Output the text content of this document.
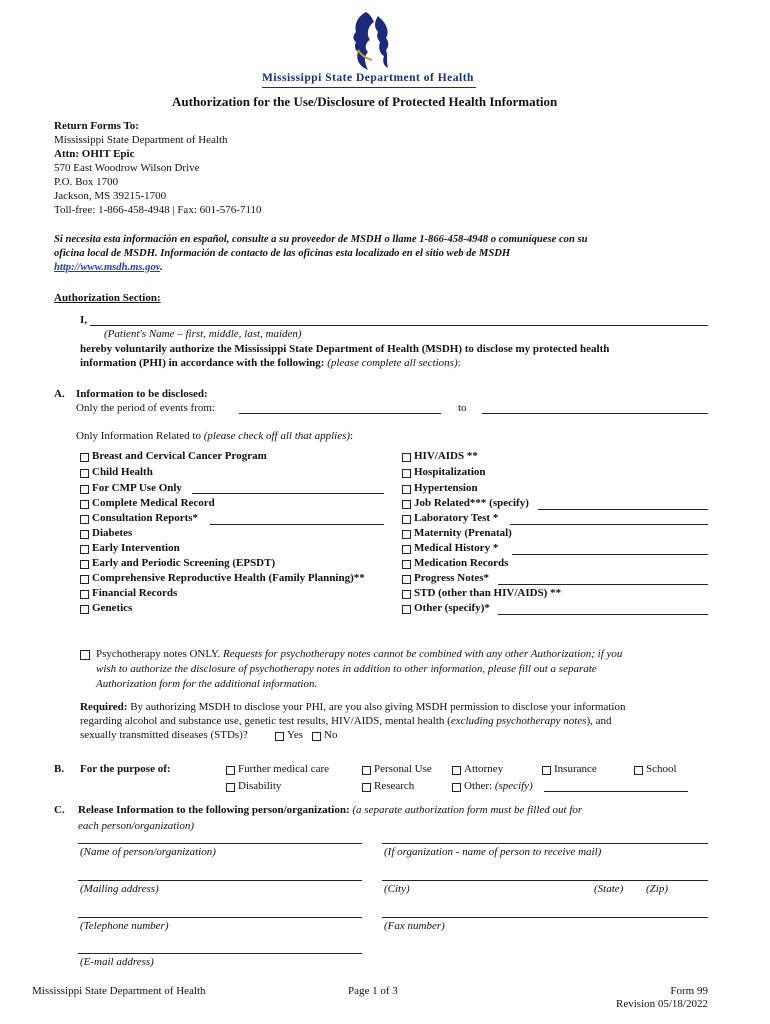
Mississippi State Department of Health
Authorization for the Use/Disclosure of Protected Health Information
Return Forms To:
Mississippi State Department of Health
Attn: OHIT Epic
570 East Woodrow Wilson Drive
P.O. Box 1700
Jackson, MS 39215-1700
Toll-free: 1-866-458-4948 | Fax: 601-576-7110
Si necesita esta información en español, consulte a su proveedor de MSDH o llame 1-866-458-4948 o comuníquese con su
oficina local de MSDH. Información de contacto de las oficinas esta localizado en el sitio web de MSDH
http://www.msdh.ms.gov.
Authorization Section:
I,
(Patient's Name – first, middle, last, maiden)
hereby voluntarily authorize the Mississippi State Department of Health (MSDH) to disclose my protected health
information (PHI) in accordance with the following: (please complete all sections):
A. Information to be disclosed:
Only the period of events from:	to
Only Information Related to (please check off all that applies):
Breast and Cervical Cancer Program
Child Health
For CMP Use Only
Complete Medical Record
Consultation Reports*
Diabetes
Early Intervention
Early and Periodic Screening (EPSDT)
Comprehensive Reproductive Health (Family Planning)**
Financial Records
Genetics
HIV/AIDS **
Hospitalization
Hypertension
Job Related*** (specify)
Laboratory Test *
Maternity (Prenatal)
Medical History *
Medication Records
Progress Notes*
STD (other than HIV/AIDS) **
Other (specify)*
Psychotherapy notes ONLY. Requests for psychotherapy notes cannot be combined with any other Authorization; if you
wish to authorize the disclosure of psychotherapy notes in addition to other information, please fill out a separate
Authorization form for the additional information.
Required: By authorizing MSDH to disclose your PHI, are you also giving MSDH permission to disclose your information
regarding alcohol and substance use, genetic test results, HIV/AIDS, mental health (excluding psychotherapy notes), and
sexually transmitted diseases (STDs)?	Yes No
B. For the purpose of:	Further medical care	Personal Use	Attorney	Insurance	School
Disability	Research	Other: (specify)
C. Release Information to the following person/organization: (a separate authorization form must be filled out for
each person/organization)
(Name of person/organization)	(If organization - name of person to receive mail)
(Mailing address)	(City)	(State) (Zip)
(Telephone number)	(Fax number)
(E-mail address)
Mississippi State Department of Health	Page 1 of 3	Form 99
Revision 05/18/2022
